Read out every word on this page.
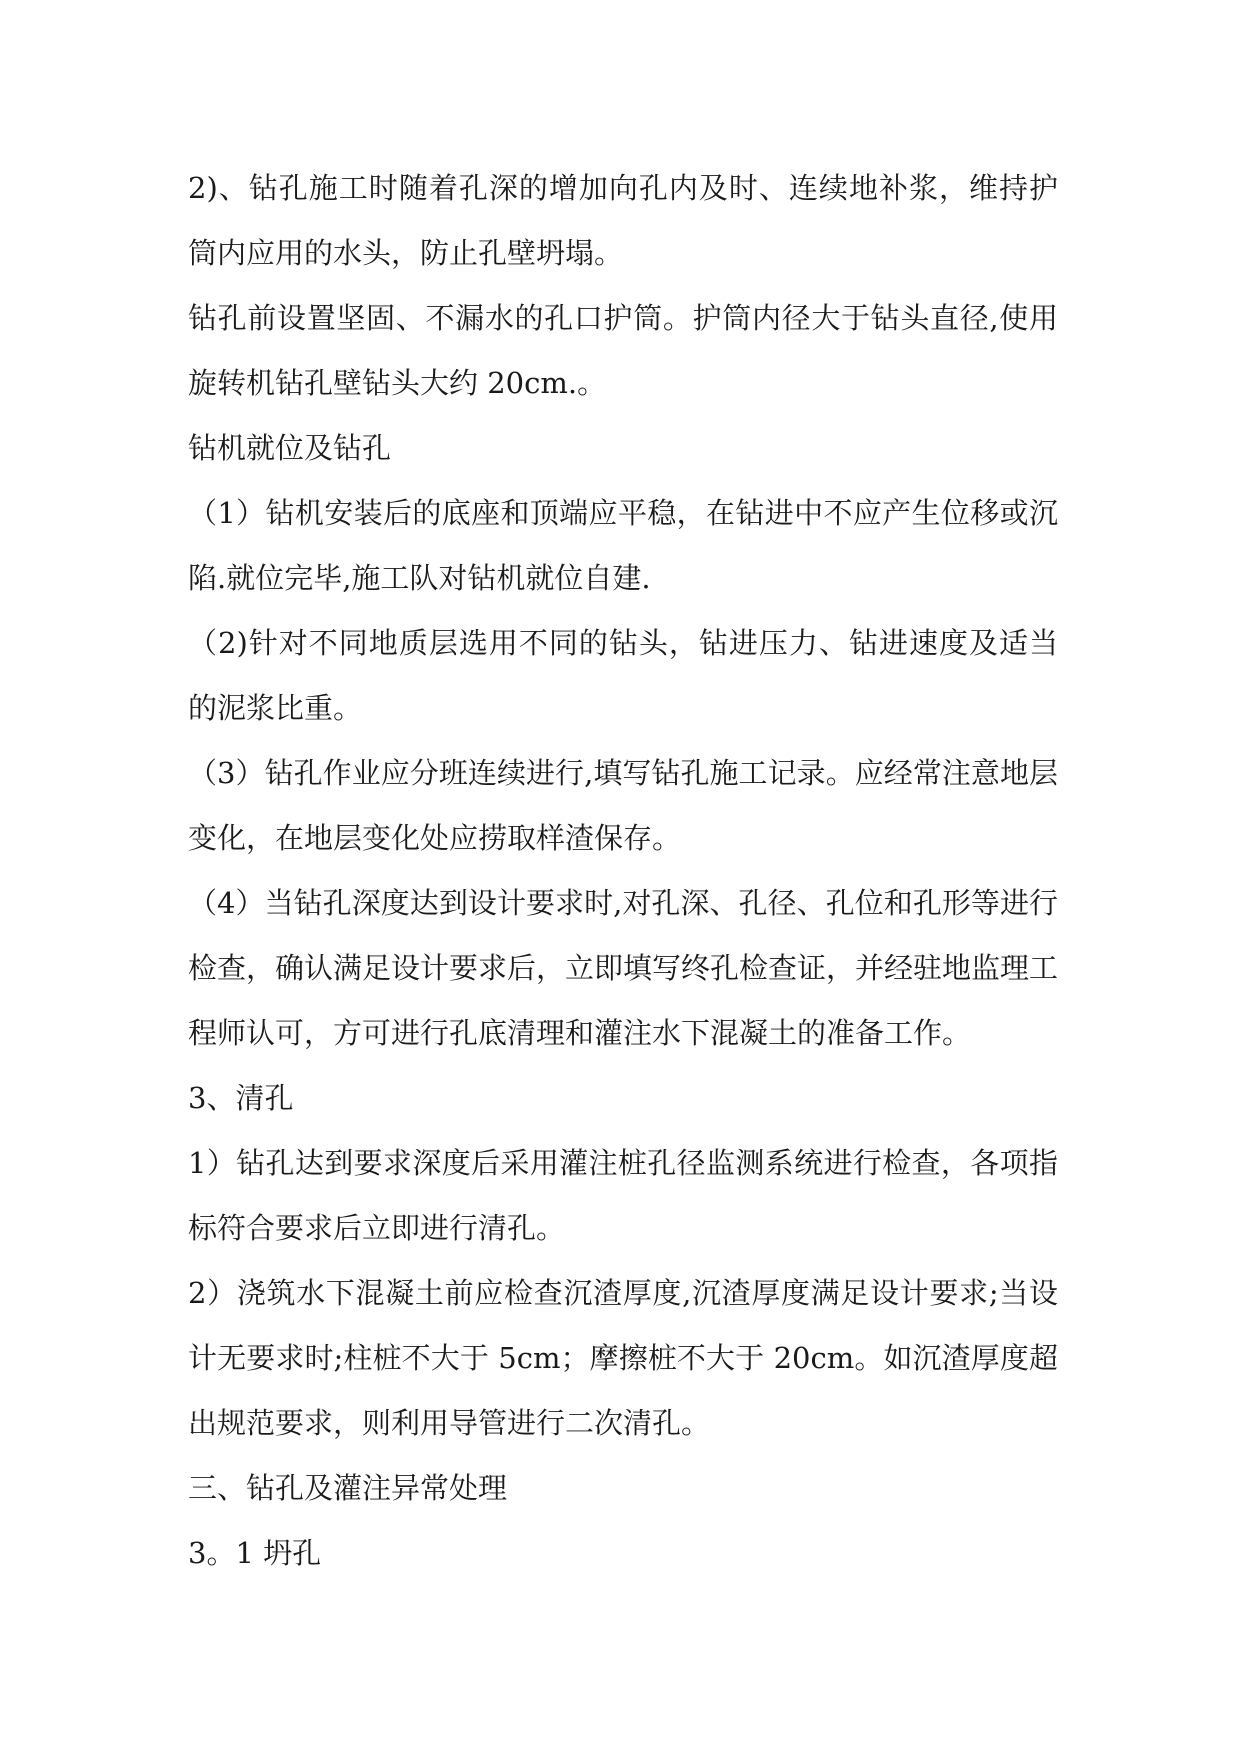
2)、钻孔施工时随着孔深的增加向孔内及时、连续地补浆，维持护筒内应用的水头，防止孔壁坍塌。

钻孔前设置坚固、不漏水的孔口护筒。护筒内径大于钻头直径,使用旋转机钻孔壁钻头大约 20cm.。

钻机就位及钻孔

（1）钻机安装后的底座和顶端应平稳，在钻进中不应产生位移或沉陷.就位完毕,施工队对钻机就位自建.

（2)针对不同地质层选用不同的钻头，钻进压力、钻进速度及适当的泥浆比重。

（3）钻孔作业应分班连续进行,填写钻孔施工记录。应经常注意地层变化，在地层变化处应捞取样渣保存。

（4）当钻孔深度达到设计要求时,对孔深、孔径、孔位和孔形等进行检查，确认满足设计要求后，立即填写终孔检查证，并经驻地监理工程师认可，方可进行孔底清理和灌注水下混凝土的准备工作。

3、清孔

1）钻孔达到要求深度后采用灌注桩孔径监测系统进行检查，各项指标符合要求后立即进行清孔。

2）浇筑水下混凝土前应检查沉渣厚度,沉渣厚度满足设计要求;当设计无要求时;柱桩不大于 5cm；摩擦桩不大于 20cm。如沉渣厚度超出规范要求，则利用导管进行二次清孔。

三、钻孔及灌注异常处理

3。1 坍孔
